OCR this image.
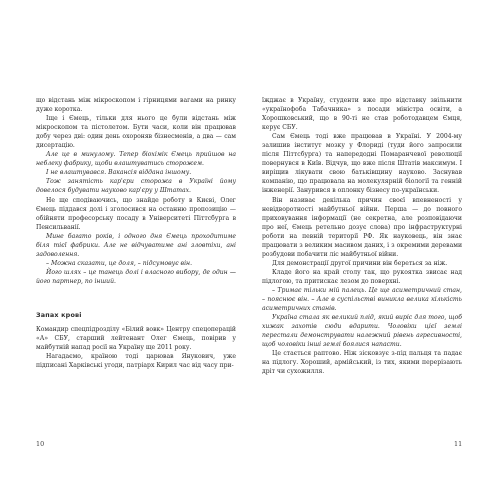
що відстань між мікроскопом і гірницями вагами на ринку дуже коротка.

Іще і Ємець, тільки для нього це були відстань між мікроскопом та пістолетом. Бути часи, коли він працював добу через дві: один день охороняв бізнесменів, а два — сам дисертацію.

Але це в минулому. Тепер біохімік Ємець прийшов на неблеку фабрику, щоби влаштуватись сторожем.

І не влаштувався. Вакансія віддана іншому.

Тож занятість кар'єри сторожа в Україні йому довелося будувати науково кар'єру у Штатах.

Не ще сподіваючись, що знайде роботу в Києві, Олег Ємець піддався долі і зголосився на останню пропозицію — обійняти професорську посаду в Університеті Піттсбурга в Пенсильванії.

Мине багато років, і одного дня Ємець проходитиме біля тієї фабрики. Але не відчуватиме ані зловтіхи, ані задоволення.

– Можна сказати, це доля, – підсумовує він.

Його шлях – це танець долі і власного вибору, де один — його партнер, по інший.

Запах крові

Командир спецпідрозділу «Білий вовк» Центру спецоперацій «А» СБУ, старший лейтенант Олег Ємець, повірив у майбутній напад росії на Україну ще 2011 року.

Нагадаємо, країною тоді царював Янукович, уже підписані Харківські угоди, патріарх Кирил час від часу при-

їжджає в Україну, студенти вже про відставку звільнити «українофоба Табачника» з посади міністра освіти, а Хорошковський, що в 90-ті не став роботодавцем Ємця, керує СБУ.

Сам Ємець тоді вже працював в Україні. У 2004-му залишив інститут мозку у Флориді (туди його запросили після Піттсбурга) та напередодні Помаранчевої революції повернувся в Київ. Відчув, що вже після Штатів максимум. І виріщив лікувати свою батьківщину науково. Заснував компанію, що працювала на молекулярній біології та генній інженерії. Занурився в оплонку бізнесу по-українськи.

Він називає декілька причин своєї впевненості у невідворотності майбутньої війни. Перша — до повного приховування інформації (не секретна, але розповідаючи про неї, Ємець ретельно дозує слова) про інфраструктурні роботи на певній території РФ. Як науковець, він знає працювати з великим масивом даних, і з окремими деревами розбудови побачити ліс майбутньої війни.

Для демонстрації другої причини він береться за ніж.

Кладе його на край столу так, що рукоятка звисає над підлогою, та притискає лезом до поверхні.

– Тримає тільки мій палець. Це ще асиметричний стан, – пояснює він. – Але в суспільстві виникла велика кількість асиметричних станів.

Україна стала як великий плід, який виріс для того, щоб хижак захотів сюди вдарити. Чоловіки цієї землі перестали демонструвати належний рівень агресивності, щоб чоловіки інші землі боялися напасти.

Це стається раптово. Ніж зісковзує з-під пальця та падає на підлогу. Хороший, армійський, із тих, якими перерізають дріт чи сухожилля.

10	11
